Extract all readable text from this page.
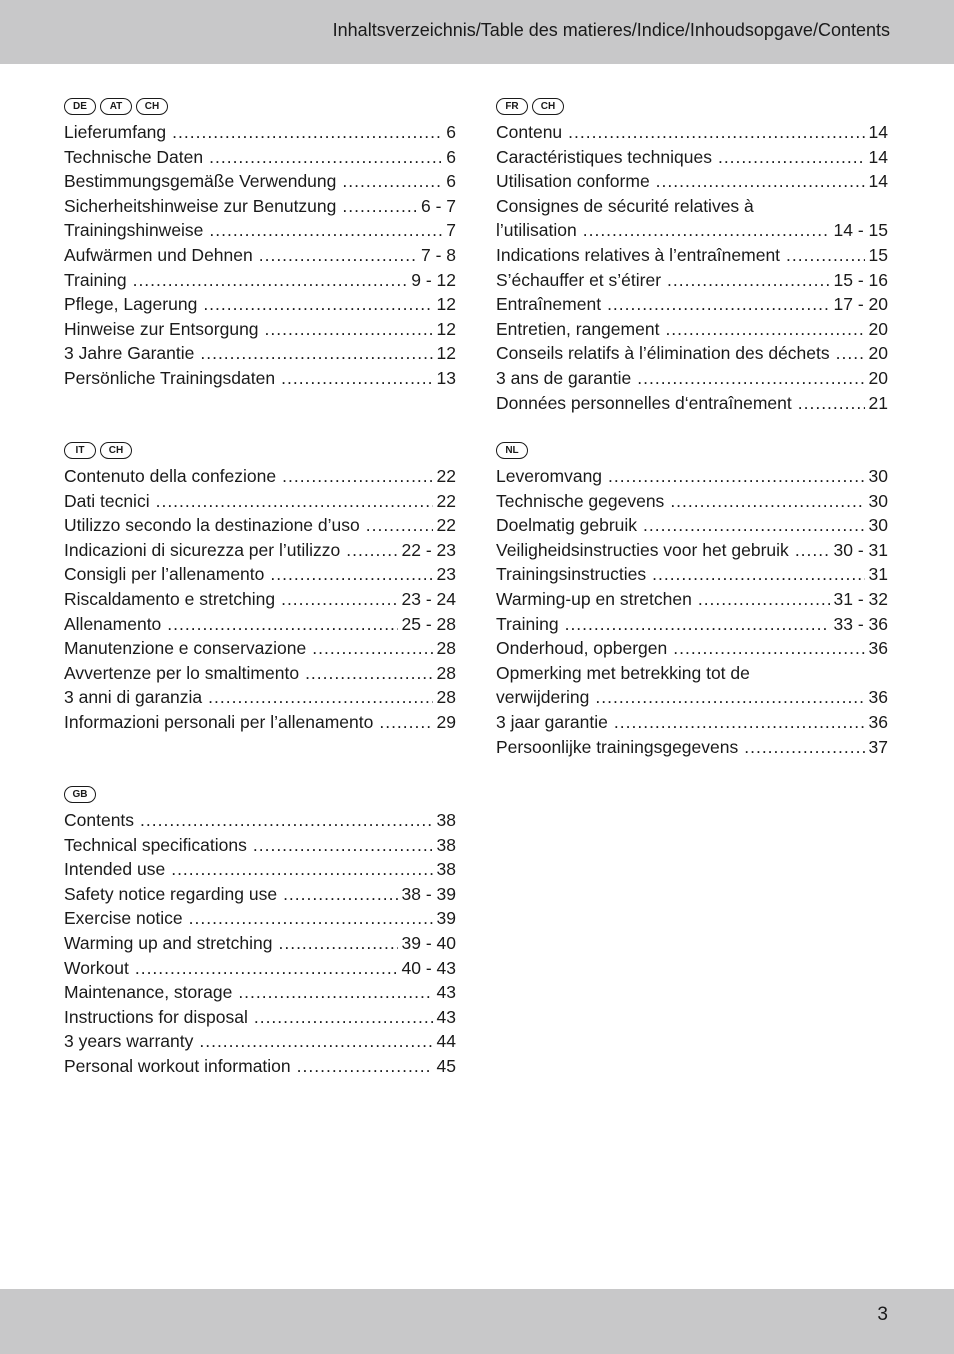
Inhaltsverzeichnis/Table des matieres/Indice/Inhoudsopgave/Contents
DE	AT	CH
Lieferumfang .....	6
Technische Daten .....	6
Bestimmungsgemäße Verwendung .....	6
Sicherheitshinweise zur Benutzung .....	6 - 7
Trainingshinweise .....	7
Aufwärmen und Dehnen .....	7 - 8
Training .....	9 - 12
Pflege, Lagerung .....	12
Hinweise zur Entsorgung .....	12
3 Jahre Garantie .....	12
Persönliche Trainingsdaten .....	13
FR	CH
Contenu .....	14
Caractéristiques techniques .....	14
Utilisation conforme .....	14
Consignes de sécurité relatives à
l’utilisation .....	14 - 15
Indications relatives à l’entraînement .....	15
S’échauffer et s’étirer .....	15 - 16
Entraînement .....	17 - 20
Entretien, rangement .....	20
Conseils relatifs à l’élimination des déchets ..... 20
3 ans de garantie .....	20
Données personnelles d‘entraînement .....	21
IT	CH
Contenuto della confezione .....	22
Dati tecnici .....	22
Utilizzo secondo la destinazione d’uso .....	22
Indicazioni di sicurezza per l’utilizzo .....	22 - 23
Consigli per l’allenamento .....	23
Riscaldamento e stretching .....	23 - 24
Allenamento .....	25 - 28
Manutenzione e conservazione .....	28
Avvertenze per lo smaltimento .....	28
3 anni di garanzia .....	28
Informazioni personali per l’allenamento .....	29
NL
Leveromvang .....	30
Technische gegevens .....	30
Doelmatig gebruik .....	30
Veiligheidsinstructies voor het gebruik .....	30 - 31
Trainingsinstructies .....	31
Warming-up en stretchen .....	31 - 32
Training .....	33 - 36
Onderhoud, opbergen .....	36
Opmerking met betrekking tot de
verwijdering .....	36
3 jaar garantie .....	36
Persoonlijke trainingsgegevens .....	37
GB
Contents .....	38
Technical specifications .....	38
Intended use .....	38
Safety notice regarding use .....	38 - 39
Exercise notice .....	39
Warming up and stretching .....	39 - 40
Workout .....	40 - 43
Maintenance, storage .....	43
Instructions for disposal .....	43
3 years warranty .....	44
Personal workout information .....	45
3
